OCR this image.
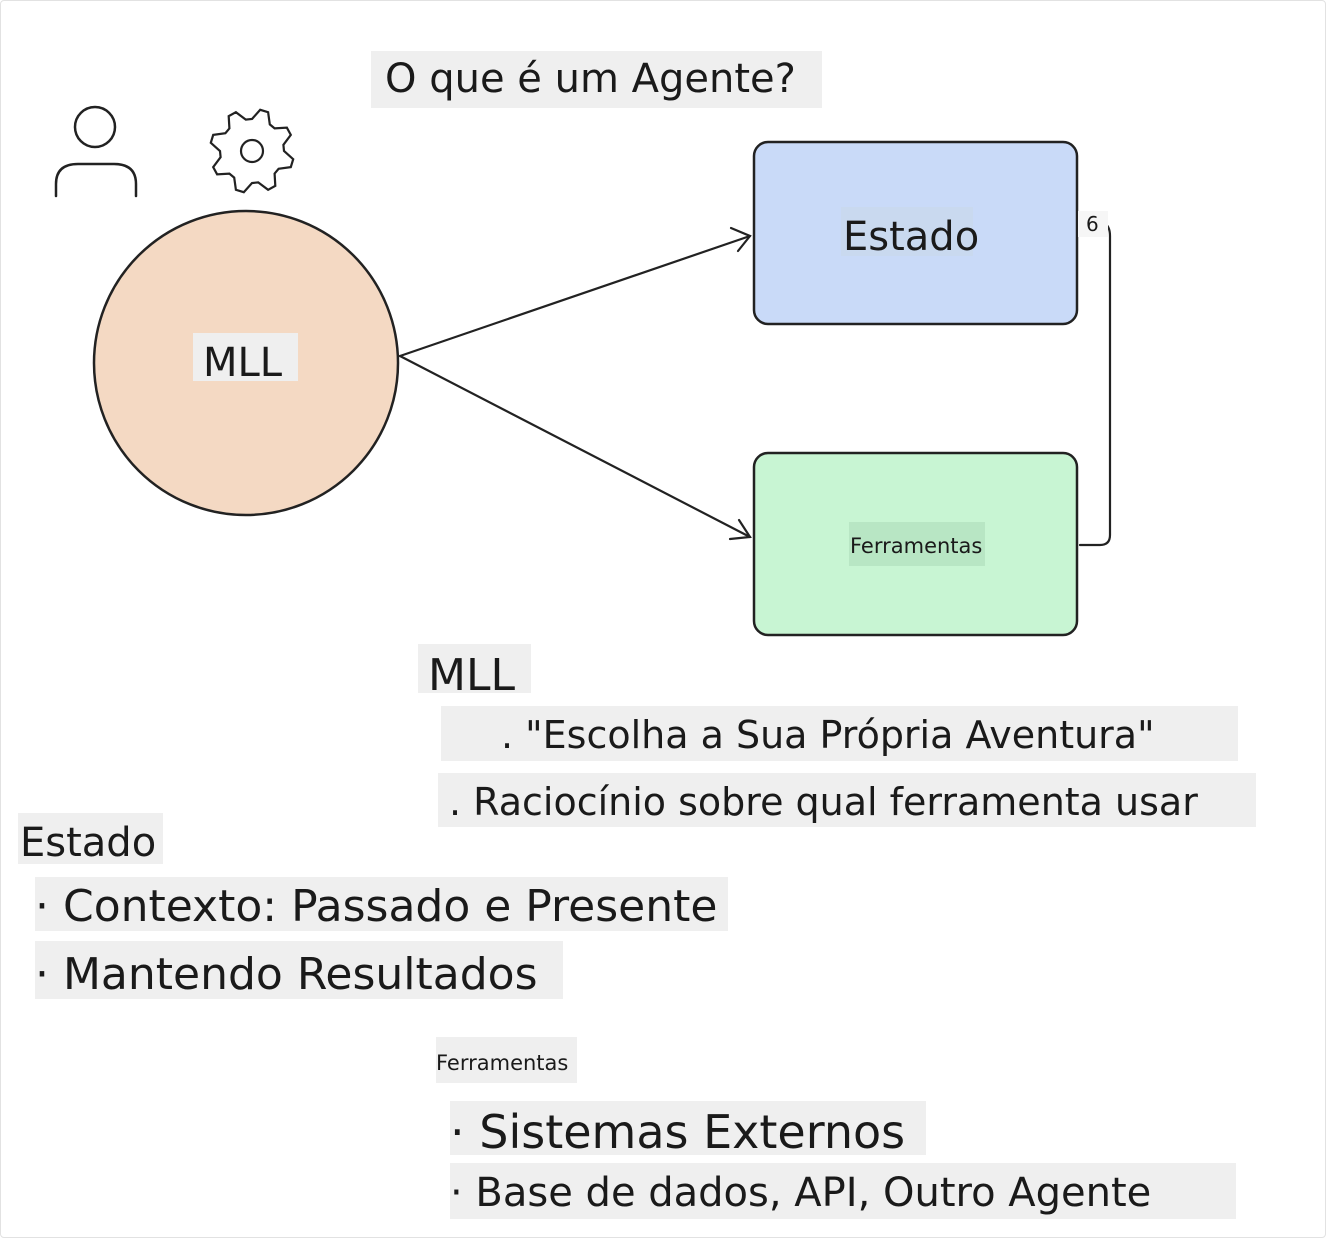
O que é um Agente?
MLL
Estado
Ferramentas
6
MLL
. "Escolha a Sua Própria Aventura"
. Raciocínio sobre qual ferramenta usar
Estado
· Contexto: Passado e Presente
· Mantendo Resultados
Ferramentas
· Sistemas Externos
· Base de dados, API, Outro Agente
